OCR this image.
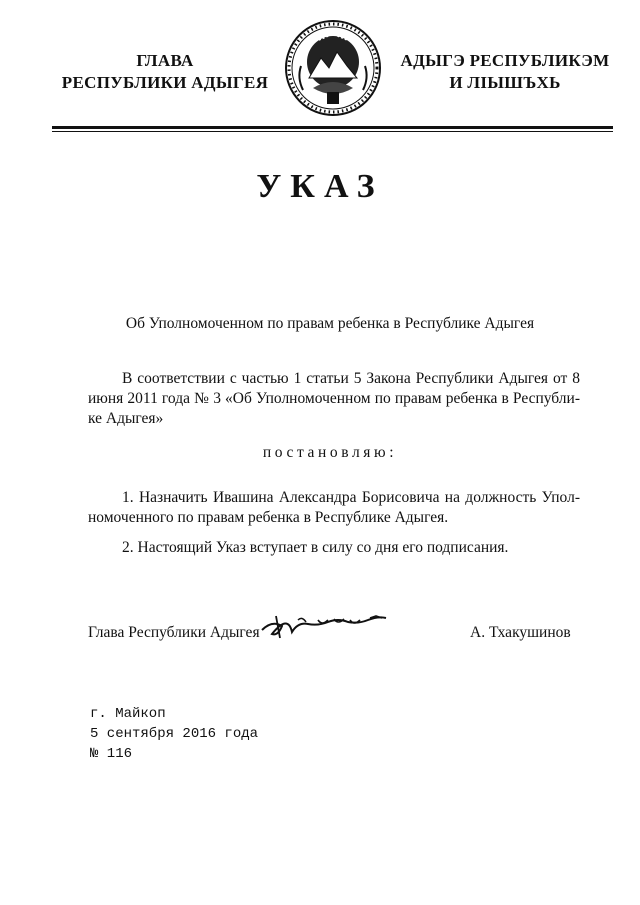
ГЛАВА
РЕСПУБЛИКИ АДЫГЕЯ
АДЫГЭ РЕСПУБЛИКЭМ
И ЛІЫШЪХЬ
УКАЗ
Об Уполномоченном по правам ребенка в Республике Адыгея
В соответствии с частью 1 статьи 5 Закона Республики Адыгея от 8 июня 2011 года № 3 «Об Уполномоченном по правам ребенка в Республи-ке Адыгея»
постановляю:
1. Назначить Ивашина Александра Борисовича на должность Упол-номоченного по правам ребенка в Республике Адыгея.
2. Настоящий Указ вступает в силу со дня его подписания.
Глава Республики Адыгея	А. Тхакушинов
г. Майкоп
5 сентября 2016 года
№ 116
